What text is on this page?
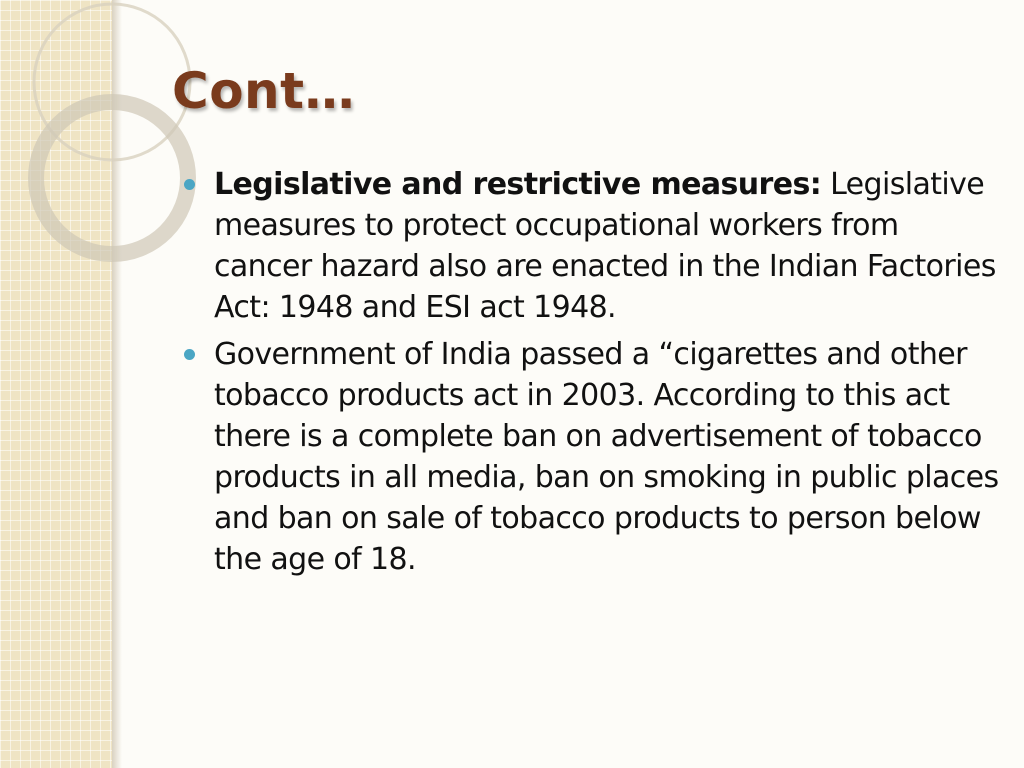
Cont…
Legislative and restrictive measures: Legislative measures to protect occupational workers from cancer hazard also are enacted in the Indian Factories Act: 1948 and ESI act 1948.
Government of India passed a “cigarettes and other tobacco products act in 2003. According to this act there is a complete ban on advertisement of tobacco products in all media, ban on smoking in public places and ban on sale of tobacco products to person below the age of 18.
